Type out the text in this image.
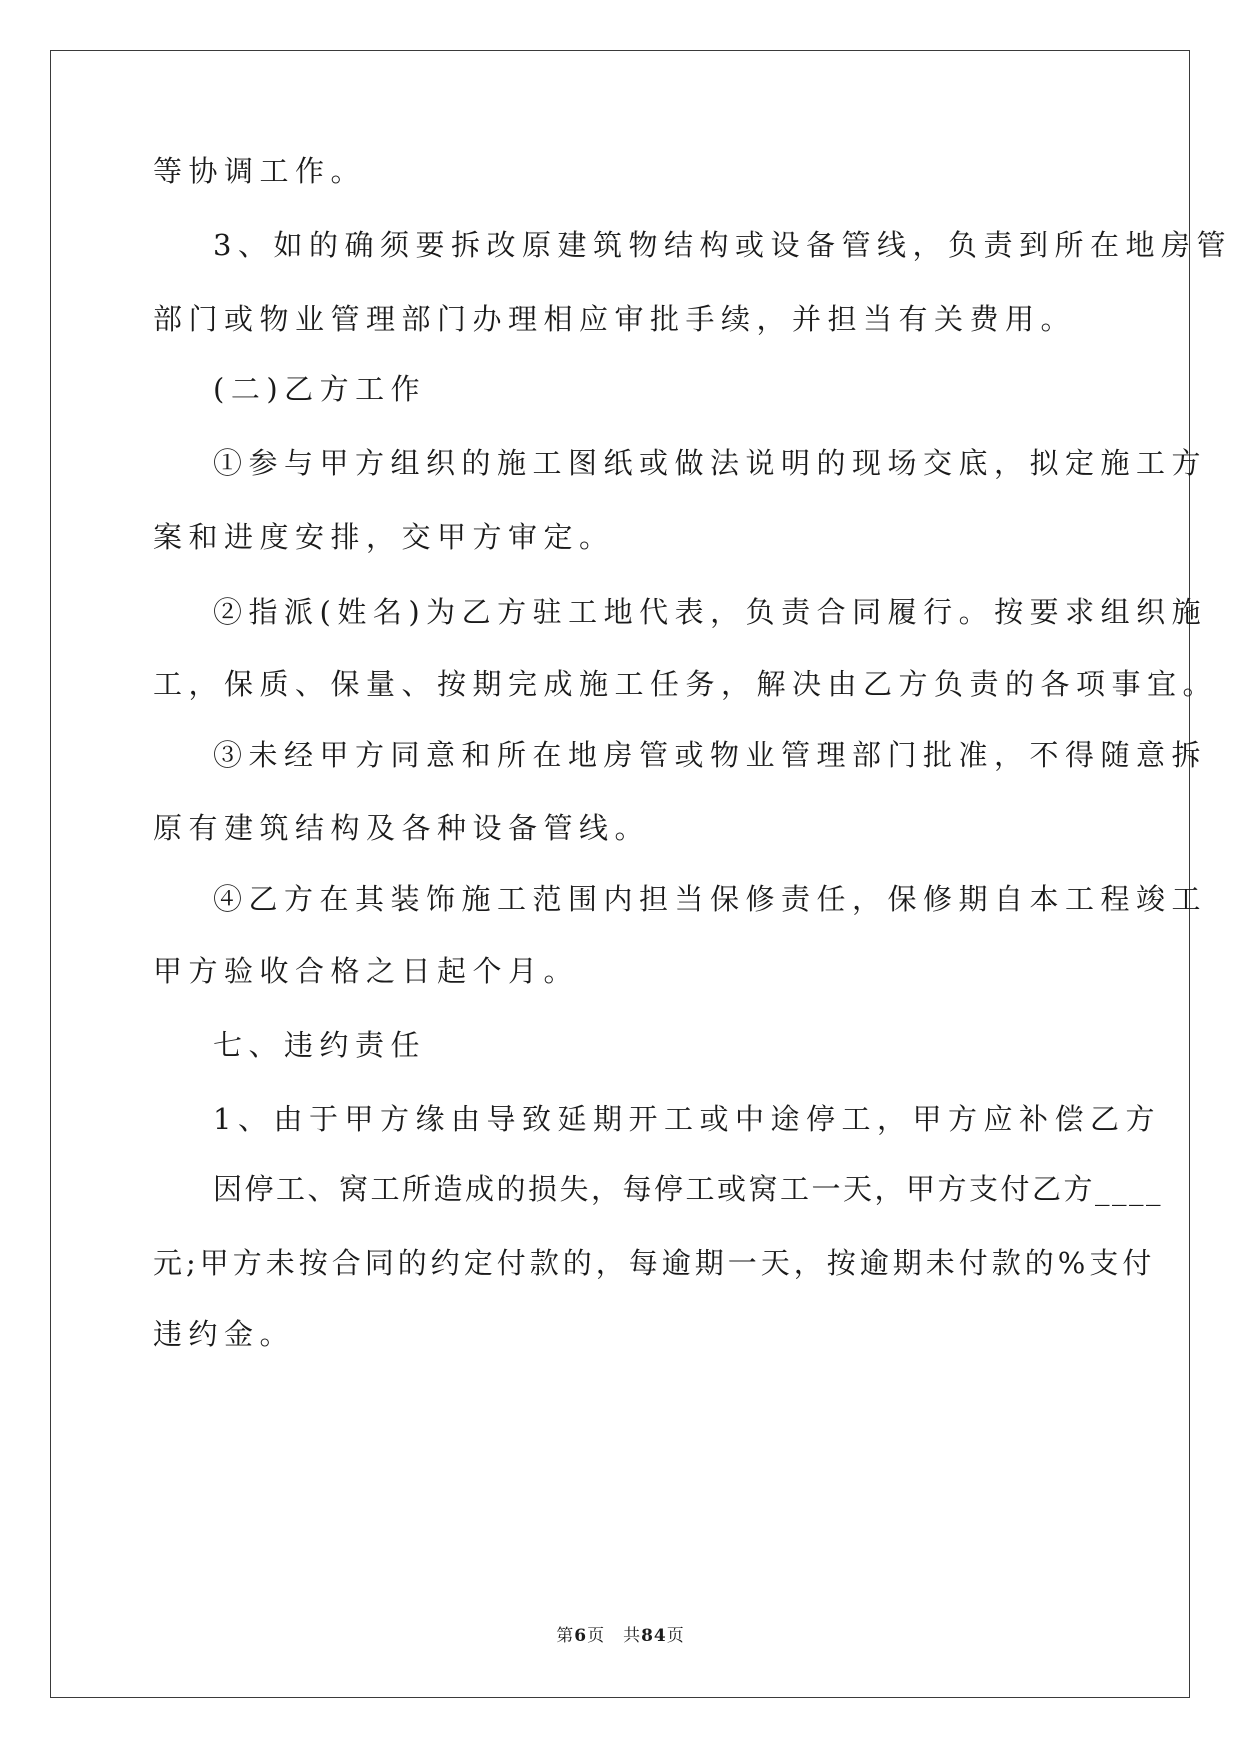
等协调工作。
3、如的确须要拆改原建筑物结构或设备管线，负责到所在地房管
部门或物业管理部门办理相应审批手续，并担当有关费用。
(二)乙方工作
①参与甲方组织的施工图纸或做法说明的现场交底，拟定施工方
案和进度安排，交甲方审定。
②指派(姓名)为乙方驻工地代表，负责合同履行。按要求组织施
工，保质、保量、按期完成施工任务，解决由乙方负责的各项事宜。
③未经甲方同意和所在地房管或物业管理部门批准，不得随意拆
原有建筑结构及各种设备管线。
④乙方在其装饰施工范围内担当保修责任，保修期自本工程竣工
甲方验收合格之日起个月。
七、违约责任
1、由于甲方缘由导致延期开工或中途停工，甲方应补偿乙方
因停工、窝工所造成的损失，每停工或窝工一天，甲方支付乙方____
元;甲方未按合同的约定付款的，每逾期一天，按逾期未付款的%支付
违约金。
第6页 共84页
